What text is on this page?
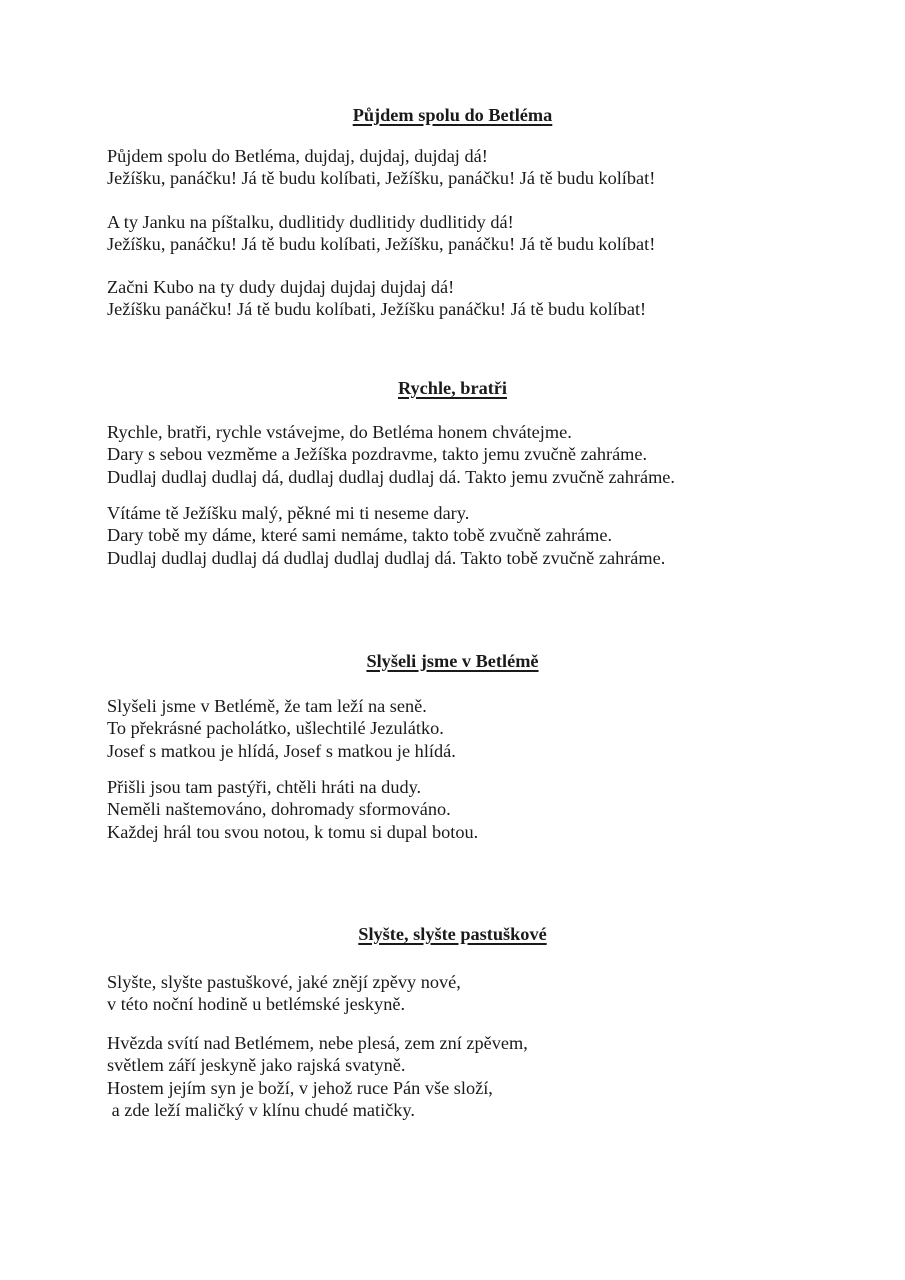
Půjdem spolu do Betléma
Půjdem spolu do Betléma, dujdaj, dujdaj, dujdaj dá!
Ježíšku, panáčku! Já tě budu kolíbati, Ježíšku, panáčku! Já tě budu kolíbat!
A ty Janku na píštalku, dudlitidy dudlitidy dudlitidy dá!
Ježíšku, panáčku! Já tě budu kolíbati, Ježíšku, panáčku! Já tě budu kolíbat!
Začni Kubo na ty dudy dujdaj dujdaj dujdaj dá!
Ježíšku panáčku! Já tě budu kolíbati, Ježíšku panáčku! Já tě budu kolíbat!
Rychle, bratři
Rychle, bratři, rychle vstávejme, do Betléma honem chvátejme.
Dary s sebou vezměme a Ježíška pozdravme, takto jemu zvučně zahráme.
Dudlaj dudlaj dudlaj dá, dudlaj dudlaj dudlaj dá. Takto jemu zvučně zahráme.
Vítáme tě Ježíšku malý, pěkné mi ti neseme dary.
Dary tobě my dáme, které sami nemáme, takto tobě zvučně zahráme.
Dudlaj dudlaj dudlaj dá dudlaj dudlaj dudlaj dá. Takto tobě zvučně zahráme.
Slyšeli jsme v Betlémě
Slyšeli jsme v Betlémě, že tam leží na seně.
To překrásné pacholátko, ušlechtilé Jezulátko.
Josef s matkou je hlídá, Josef s matkou je hlídá.
Přišli jsou tam pastýři, chtěli hráti na dudy.
Neměli naštemováno, dohromady sformováno.
Každej hrál tou svou notou, k tomu si dupal botou.
Slyšte, slyšte pastuškové
Slyšte, slyšte pastuškové, jaké znějí zpěvy nové,
v této noční hodině u betlémské jeskyně.
Hvězda svítí nad Betlémem, nebe plesá, zem zní zpěvem,
světlem září jeskyně jako rajská svatyně.
Hostem jejím syn je boží, v jehož ruce Pán vše složí,
a zde leží maličký v klínu chudé matičky.
